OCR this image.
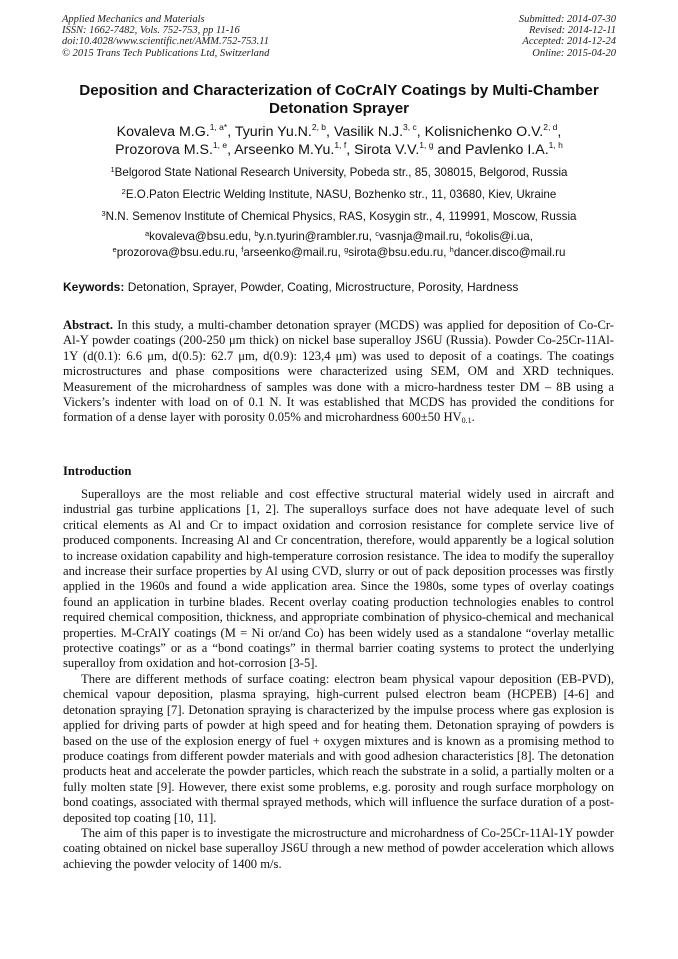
Applied Mechanics and Materials
ISSN: 1662-7482, Vols. 752-753, pp 11-16
doi:10.4028/www.scientific.net/AMM.752-753.11
© 2015 Trans Tech Publications Ltd, Switzerland
Submitted: 2014-07-30
Revised: 2014-12-11
Accepted: 2014-12-24
Online: 2015-04-20
Deposition and Characterization of CoCrAlY Coatings by Multi-Chamber Detonation Sprayer
Kovaleva M.G.$^{1, a*}$, Tyurin Yu.N.$^{2, b}$, Vasilik N.J.$^{3, c}$, Kolisnichenko O.V.$^{2, d}$,
Prozorova M.S.$^{1, e}$, Arseenko M.Yu.$^{1, f}$, Sirota V.V.$^{1, g}$ and Pavlenko I.A.$^{1, h}$
$^1$Belgorod State National Research University, Pobeda str., 85, 308015, Belgorod, Russia
$^2$E.O.Paton Electric Welding Institute, NASU, Bozhenko str., 11, 03680, Kiev, Ukraine
$^3$N.N. Semenov Institute of Chemical Physics, RAS, Kosygin str., 4, 119991, Moscow, Russia
$^a$kovaleva@bsu.edu, $^b$y.n.tyurin@rambler.ru, $^c$vasnja@mail.ru, $^d$okolis@i.ua,
$^e$prozorova@bsu.edu.ru, $^f$arseenko@mail.ru, $^g$sirota@bsu.edu.ru, $^h$dancer.disco@mail.ru
Keywords: Detonation, Sprayer, Powder, Coating, Microstructure, Porosity, Hardness

Abstract. In this study, a multi-chamber detonation sprayer (MCDS) was applied for deposition of Co-Cr-Al-Y powder coatings (200-250 μm thick) on nickel base superalloy JS6U (Russia). Powder Co-25Cr-11Al-1Y (d(0.1): 6.6 μm, d(0.5): 62.7 μm, d(0.9): 123,4 μm) was used to deposit of a coatings. The coatings microstructures and phase compositions were characterized using SEM, OM and XRD techniques. Measurement of the microhardness of samples was done with a micro-hardness tester DM – 8B using a Vickers’s indenter with load on of 0.1 N. It was established that MCDS has provided the conditions for formation of a dense layer with porosity 0.05% and microhardness 600±50 $HV_{0.1}$.

Introduction

Superalloys are the most reliable and cost effective structural material widely used in aircraft and industrial gas turbine applications [1, 2]. The superalloys surface does not have adequate level of such critical elements as Al and Cr to impact oxidation and corrosion resistance for complete service live of produced components. Increasing Al and Cr concentration, therefore, would apparently be a logical solution to increase oxidation capability and high-temperature corrosion resistance. The idea to modify the superalloy and increase their surface properties by Al using CVD, slurry or out of pack deposition processes was firstly applied in the 1960s and found a wide application area. Since the 1980s, some types of overlay coatings found an application in turbine blades. Recent overlay coating production technologies enables to control required chemical composition, thickness, and appropriate combination of physico-chemical and mechanical properties. M-CrAlY coatings (M = Ni or/and Co) has been widely used as a standalone “overlay metallic protective coatings” or as a “bond coatings” in thermal barrier coating systems to protect the underlying superalloy from oxidation and hot-corrosion [3-5].

There are different methods of surface coating: electron beam physical vapour deposition (EB-PVD), chemical vapour deposition, plasma spraying, high-current pulsed electron beam (HCPEB) [4-6] and detonation spraying [7]. Detonation spraying is characterized by the impulse process where gas explosion is applied for driving parts of powder at high speed and for heating them. Detonation spraying of powders is based on the use of the explosion energy of fuel + oxygen mixtures and is known as a promising method to produce coatings from different powder materials and with good adhesion characteristics [8]. The detonation products heat and accelerate the powder particles, which reach the substrate in a solid, a partially molten or a fully molten state [9]. However, there exist some problems, e.g. porosity and rough surface morphology on bond coatings, associated with thermal sprayed methods, which will influence the surface duration of a post-deposited top coating [10, 11].

The aim of this paper is to investigate the microstructure and microhardness of Co-25Cr-11Al-1Y powder coating obtained on nickel base superalloy JS6U through a new method of powder acceleration which allows achieving the powder velocity of 1400 m/s.
